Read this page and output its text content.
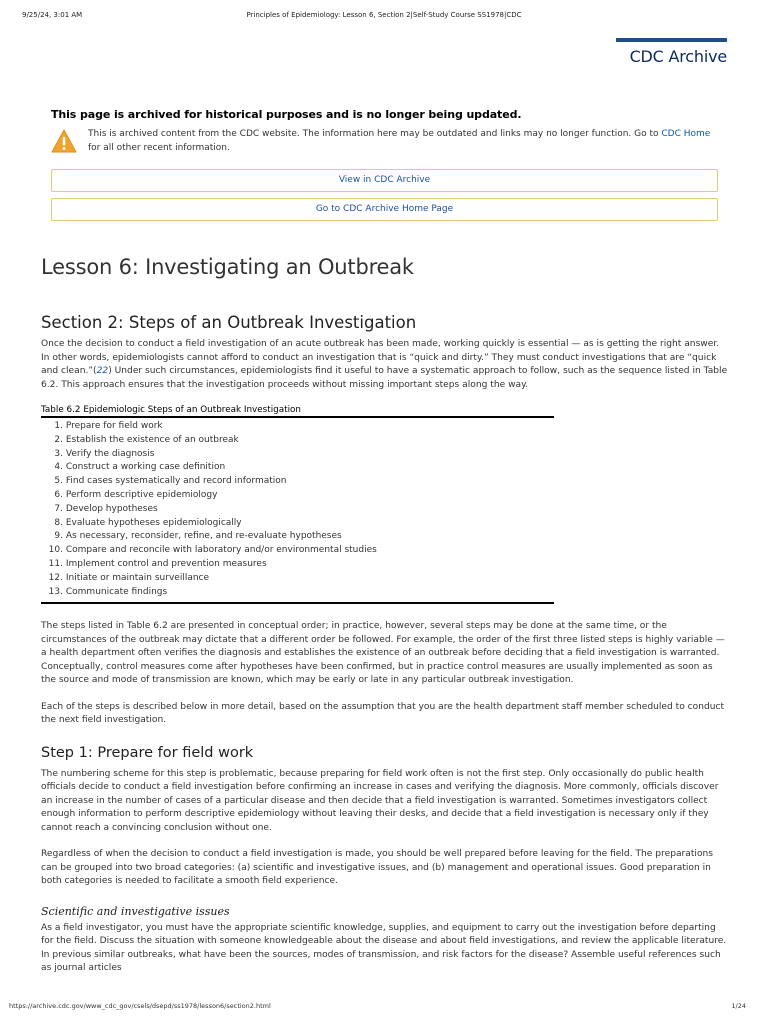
9/25/24, 3:01 AM	Principles of Epidemiology: Lesson 6, Section 2|Self-Study Course SS1978|CDC
CDC Archive
This page is archived for historical purposes and is no longer being updated.
This is archived content from the CDC website. The information here may be outdated and links may no longer function. Go to CDC Home for all other recent information.
View in CDC Archive
Go to CDC Archive Home Page
Lesson 6: Investigating an Outbreak
Section 2: Steps of an Outbreak Investigation

Once the decision to conduct a field investigation of an acute outbreak has been made, working quickly is essential — as is getting the right answer. In other words, epidemiologists cannot afford to conduct an investigation that is “quick and dirty.” They must conduct investigations that are “quick and clean.”(22) Under such circumstances, epidemiologists find it useful to have a systematic approach to follow, such as the sequence listed in Table 6.2. This approach ensures that the investigation proceeds without missing important steps along the way.

Table 6.2 Epidemiologic Steps of an Outbreak Investigation
1. Prepare for field work
2. Establish the existence of an outbreak
3. Verify the diagnosis
4. Construct a working case definition
5. Find cases systematically and record information
6. Perform descriptive epidemiology
7. Develop hypotheses
8. Evaluate hypotheses epidemiologically
9. As necessary, reconsider, refine, and re-evaluate hypotheses
10. Compare and reconcile with laboratory and/or environmental studies
11. Implement control and prevention measures
12. Initiate or maintain surveillance
13. Communicate findings

The steps listed in Table 6.2 are presented in conceptual order; in practice, however, several steps may be done at the same time, or the circumstances of the outbreak may dictate that a different order be followed. For example, the order of the first three listed steps is highly variable — a health department often verifies the diagnosis and establishes the existence of an outbreak before deciding that a field investigation is warranted. Conceptually, control measures come after hypotheses have been confirmed, but in practice control measures are usually implemented as soon as the source and mode of transmission are known, which may be early or late in any particular outbreak investigation.

Each of the steps is described below in more detail, based on the assumption that you are the health department staff member scheduled to conduct the next field investigation.

Step 1: Prepare for field work

The numbering scheme for this step is problematic, because preparing for field work often is not the first step. Only occasionally do public health officials decide to conduct a field investigation before confirming an increase in cases and verifying the diagnosis. More commonly, officials discover an increase in the number of cases of a particular disease and then decide that a field investigation is warranted. Sometimes investigators collect enough information to perform descriptive epidemiology without leaving their desks, and decide that a field investigation is necessary only if they cannot reach a convincing conclusion without one.

Regardless of when the decision to conduct a field investigation is made, you should be well prepared before leaving for the field. The preparations can be grouped into two broad categories: (a) scientific and investigative issues, and (b) management and operational issues. Good preparation in both categories is needed to facilitate a smooth field experience.

Scientific and investigative issues

As a field investigator, you must have the appropriate scientific knowledge, supplies, and equipment to carry out the investigation before departing for the field. Discuss the situation with someone knowledgeable about the disease and about field investigations, and review the applicable literature. In previous similar outbreaks, what have been the sources, modes of transmission, and risk factors for the disease? Assemble useful references such as journal articles

https://archive.cdc.gov/www_cdc_gov/csels/dsepd/ss1978/lesson6/section2.html	1/24
